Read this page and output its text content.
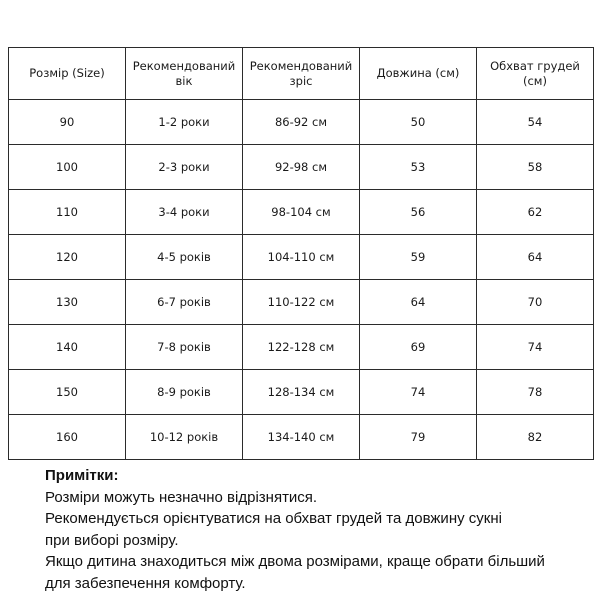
Розмір (Size)	Рекомендований вік	Рекомендований зріс	Довжина (см)	Обхват грудей (см)
90	1-2 роки	86-92 см	50	54
100	2-3 роки	92-98 см	53	58
110	3-4 роки	98-104 см	56	62
120	4-5 років	104-110 см	59	64
130	6-7 років	110-122 см	64	70
140	7-8 років	122-128 см	69	74
150	8-9 років	128-134 см	74	78
160	10-12 років	134-140 см	79	82
Примітки:
Розміри можуть незначно відрізнятися.
Рекомендується орієнтуватися на обхват грудей та довжину сукні
при виборі розміру.
Якщо дитина знаходиться між двома розмірами, краще обрати більший
для забезпечення комфорту.
